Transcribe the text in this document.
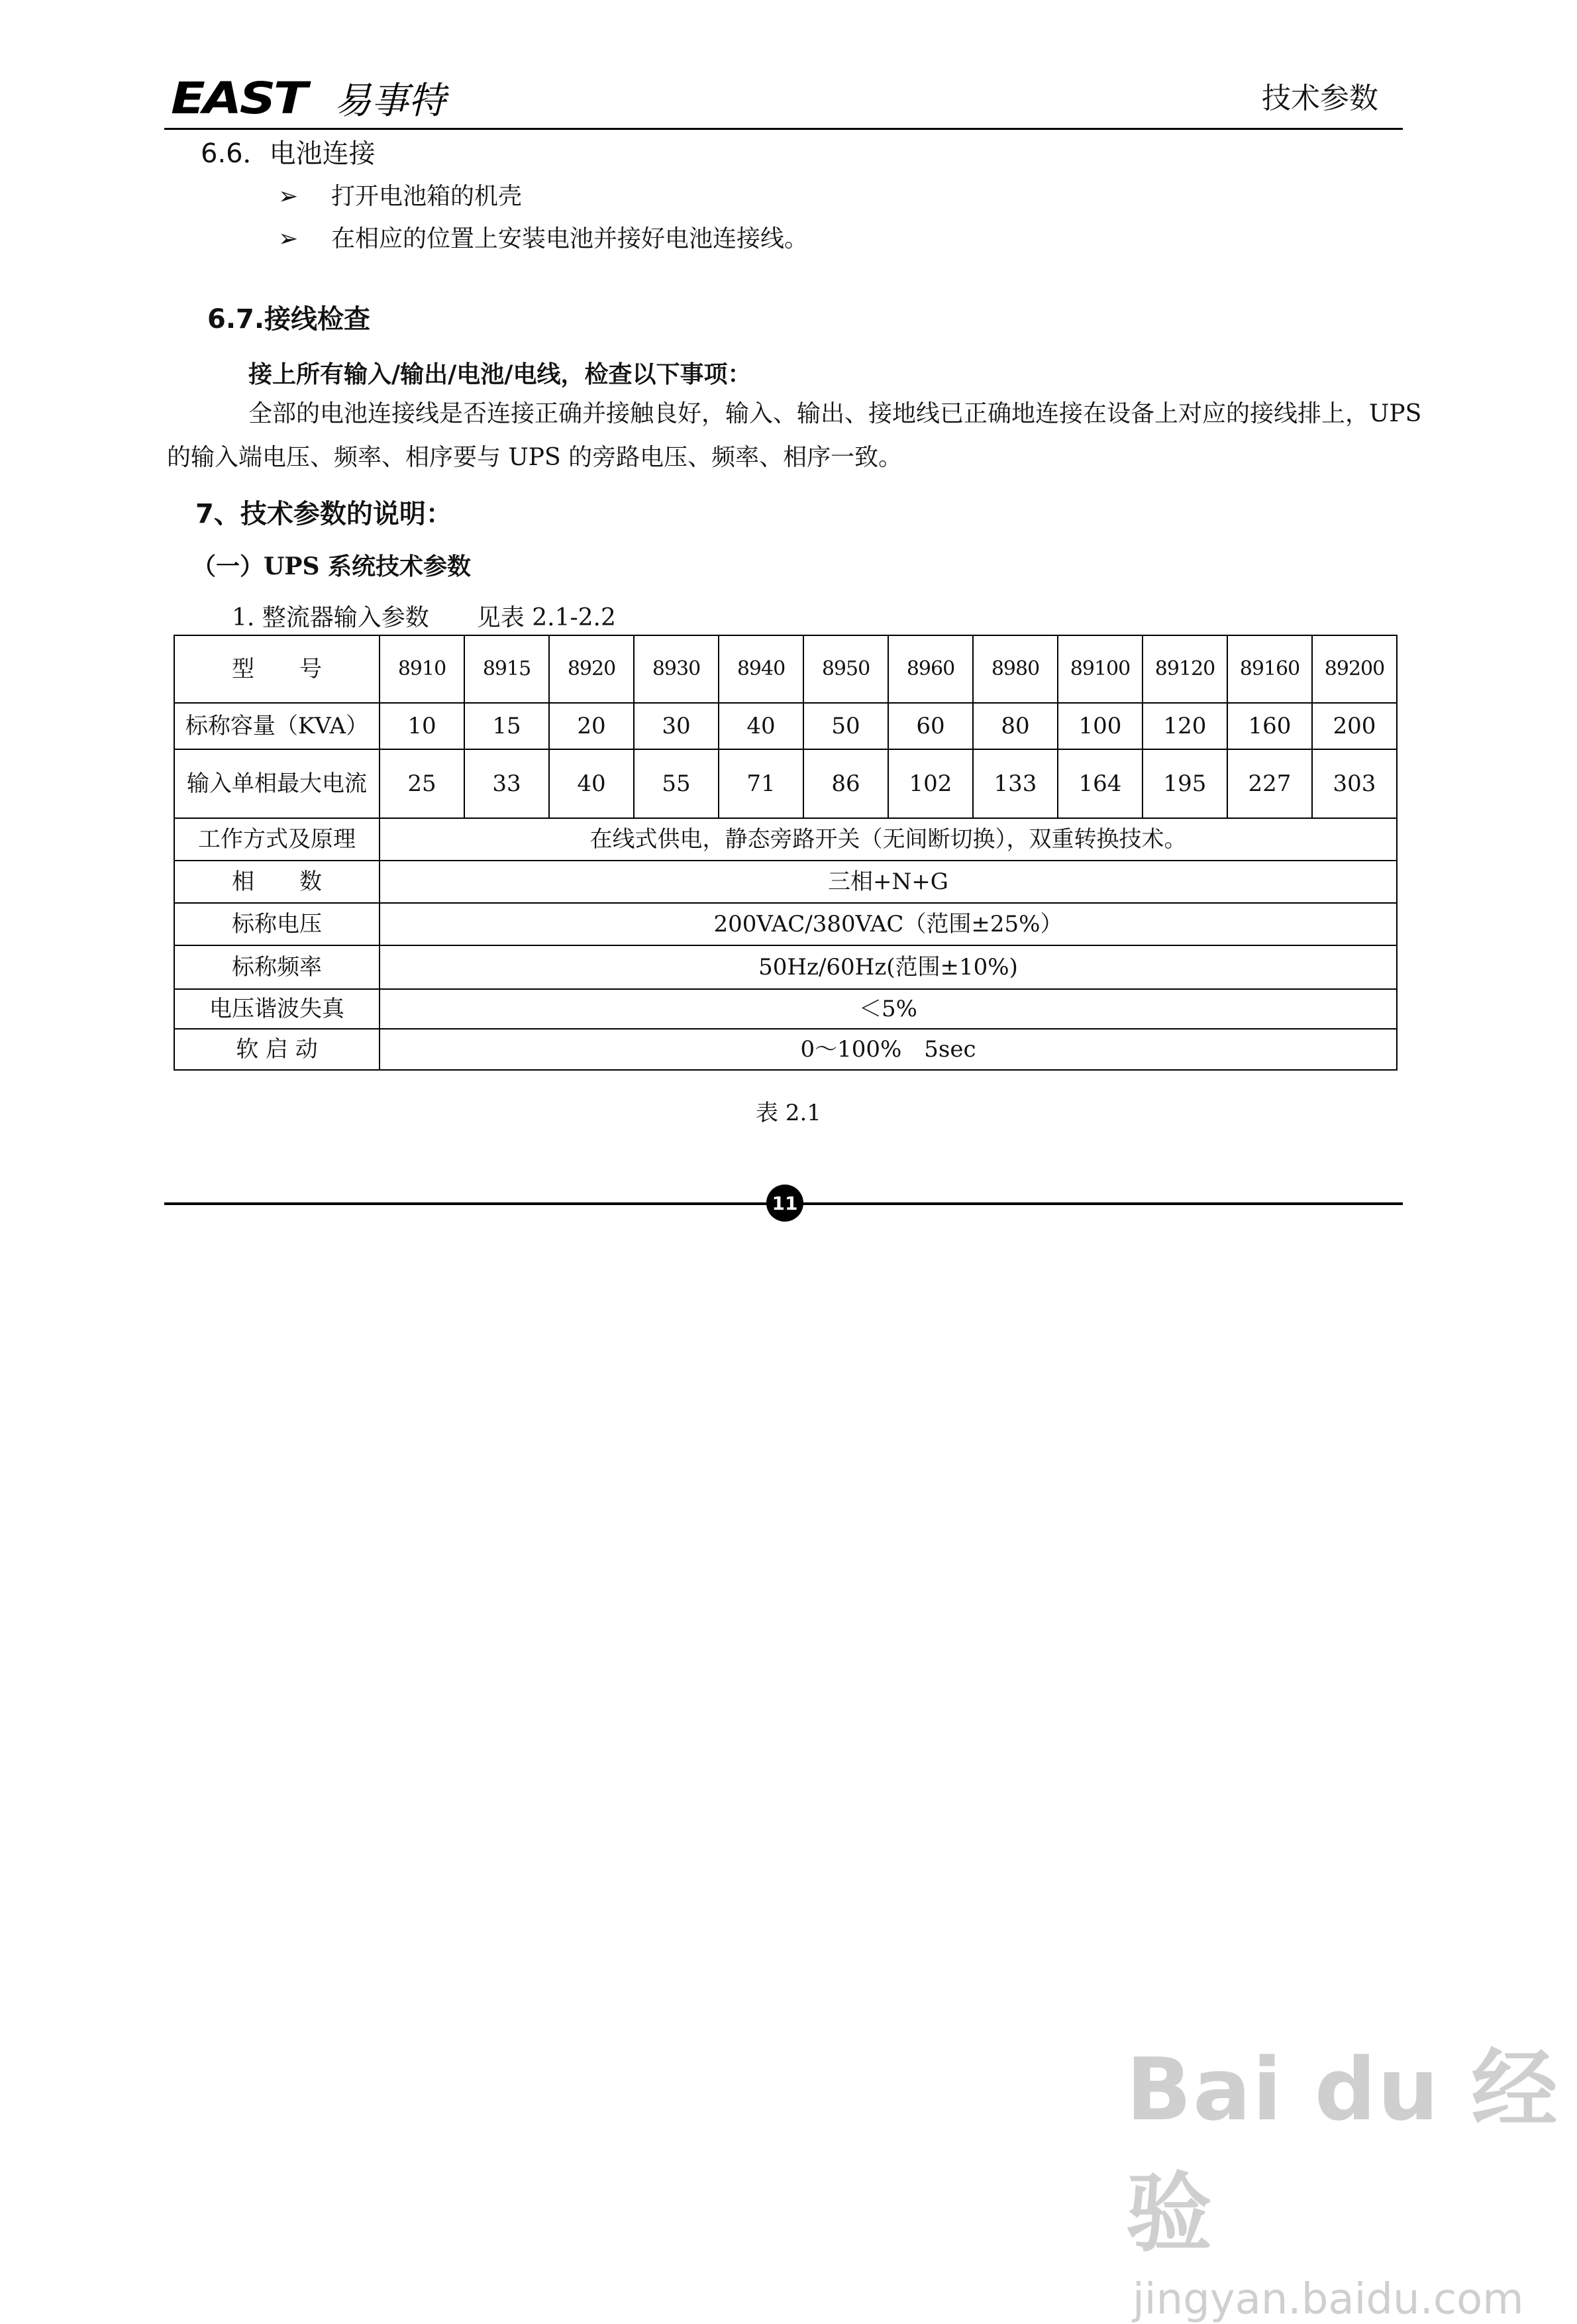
EAST 易事特	技术参数
6.6．电池连接
➢ 打开电池箱的机壳
➢ 在相应的位置上安装电池并接好电池连接线。
6.7.接线检查
接上所有输入/输出/电池/电线，检查以下事项：
全部的电池连接线是否连接正确并接触良好，输入、输出、接地线已正确地连接在设备上对应的接线排上，UPS
的输入端电压、频率、相序要与 UPS 的旁路电压、频率、相序一致。
7、技术参数的说明：
（一）UPS 系统技术参数
1. 整流器输入参数　　见表 2.1-2.2
型　　号	8910	8915	8920	8930	8940	8950	8960	8980	89100	89120	89160	89200
标称容量（KVA）	10	15	20	30	40	50	60	80	100	120	160	200
输入单相最大电流	25	33	40	55	71	86	102	133	164	195	227	303
工作方式及原理	在线式供电，静态旁路开关（无间断切换），双重转换技术。											
相　　数	三相+N+G											
标称电压	200VAC/380VAC（范围±25%）											
标称频率	50Hz/60Hz(范围±10%)											
电压谐波失真	＜5%											
软 启 动	0～100%　5sec											
表 2.1
11
Bai du 经验
jingyan.baidu.com
